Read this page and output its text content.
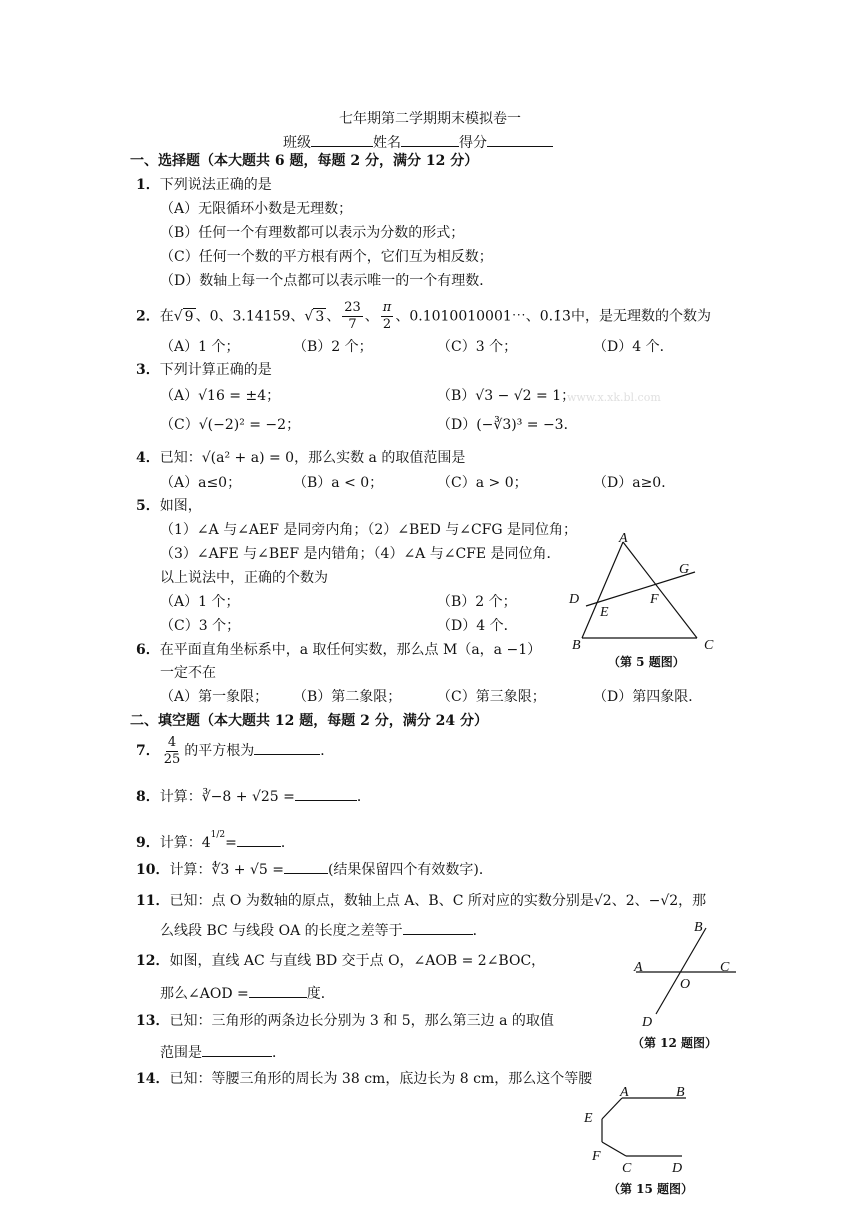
七年期第二学期期末模拟卷一
班级	姓名	得分
一、选择题（本大题共 6 题，每题 2 分，满分 12 分）
1．下列说法正确的是
（A）无限循环小数是无理数；
（B）任何一个有理数都可以表示为分数的形式；
（C）任何一个数的平方根有两个，它们互为相反数；
（D）数轴上每一个点都可以表示唯一的一个有理数．
2．在√ 9 、0、3.14159、√ 3 、 $\frac{23}{7}$ 、 $\frac{\pi}{2}$ 、0.1010010001⋯、0.1̇3̇中，是无理数的个数为
（A）1 个；	（B）2 个；	（C）3 个；	（D）4 个．
3．下列计算正确的是
（A）√16 = ±4；	（B）√3 − √2 = 1；
www.x.xk.bl.com
（C）√(−2)² = −2；	（D）(−∛3)³ = −3．
4．已知：√(a² + a) = 0，那么实数 a 的取值范围是
（A）a≤0；	（B）a < 0；	（C）a > 0；	（D）a≥0．
5．如图，
（1）∠A 与∠AEF 是同旁内角；（2）∠BED 与∠CFG 是同位角；
（3）∠AFE 与∠BEF 是内错角；（4）∠A 与∠CFE 是同位角．
以上说法中，正确的个数为
（A）1 个；	（B）2 个；
（C）3 个；	（D）4 个．
A
G
D	F
E
B	C
（第 5 题图）
6．在平面直角坐标系中，a 取任何实数，那么点 M（a，a −1）
一定不在
（A）第一象限； （B）第二象限；	（C）第三象限；	（D）第四象限．
二、填空题（本大题共 12 题，每题 2 分，满分 24 分）
7． $\frac{4}{25}$ 的平方根为	．
8．计算：∛−8 + √25 =	．
9．计算：$4^{1/2}=$	．
10．计算：∜3 + √5 =	(结果保留四个有效数字)．
11．已知：点 O 为数轴的原点，数轴上点 A、B、C 所对应的实数分别是√2、2、−√2，那
么线段 BC 与线段 OA 的长度之差等于	．
12．如图，直线 AC 与直线 BD 交于点 O，∠AOB = 2∠BOC，
那么∠AOD =	度．
B
A	C
O
D
（第 12 题图）
13．已知：三角形的两条边长分别为 3 和 5，那么第三边 a 的取值
范围是	．
14．已知：等腰三角形的周长为 38 cm，底边长为 8 cm，那么这个等腰
A	B
E
F
C	D
（第 15 题图）
